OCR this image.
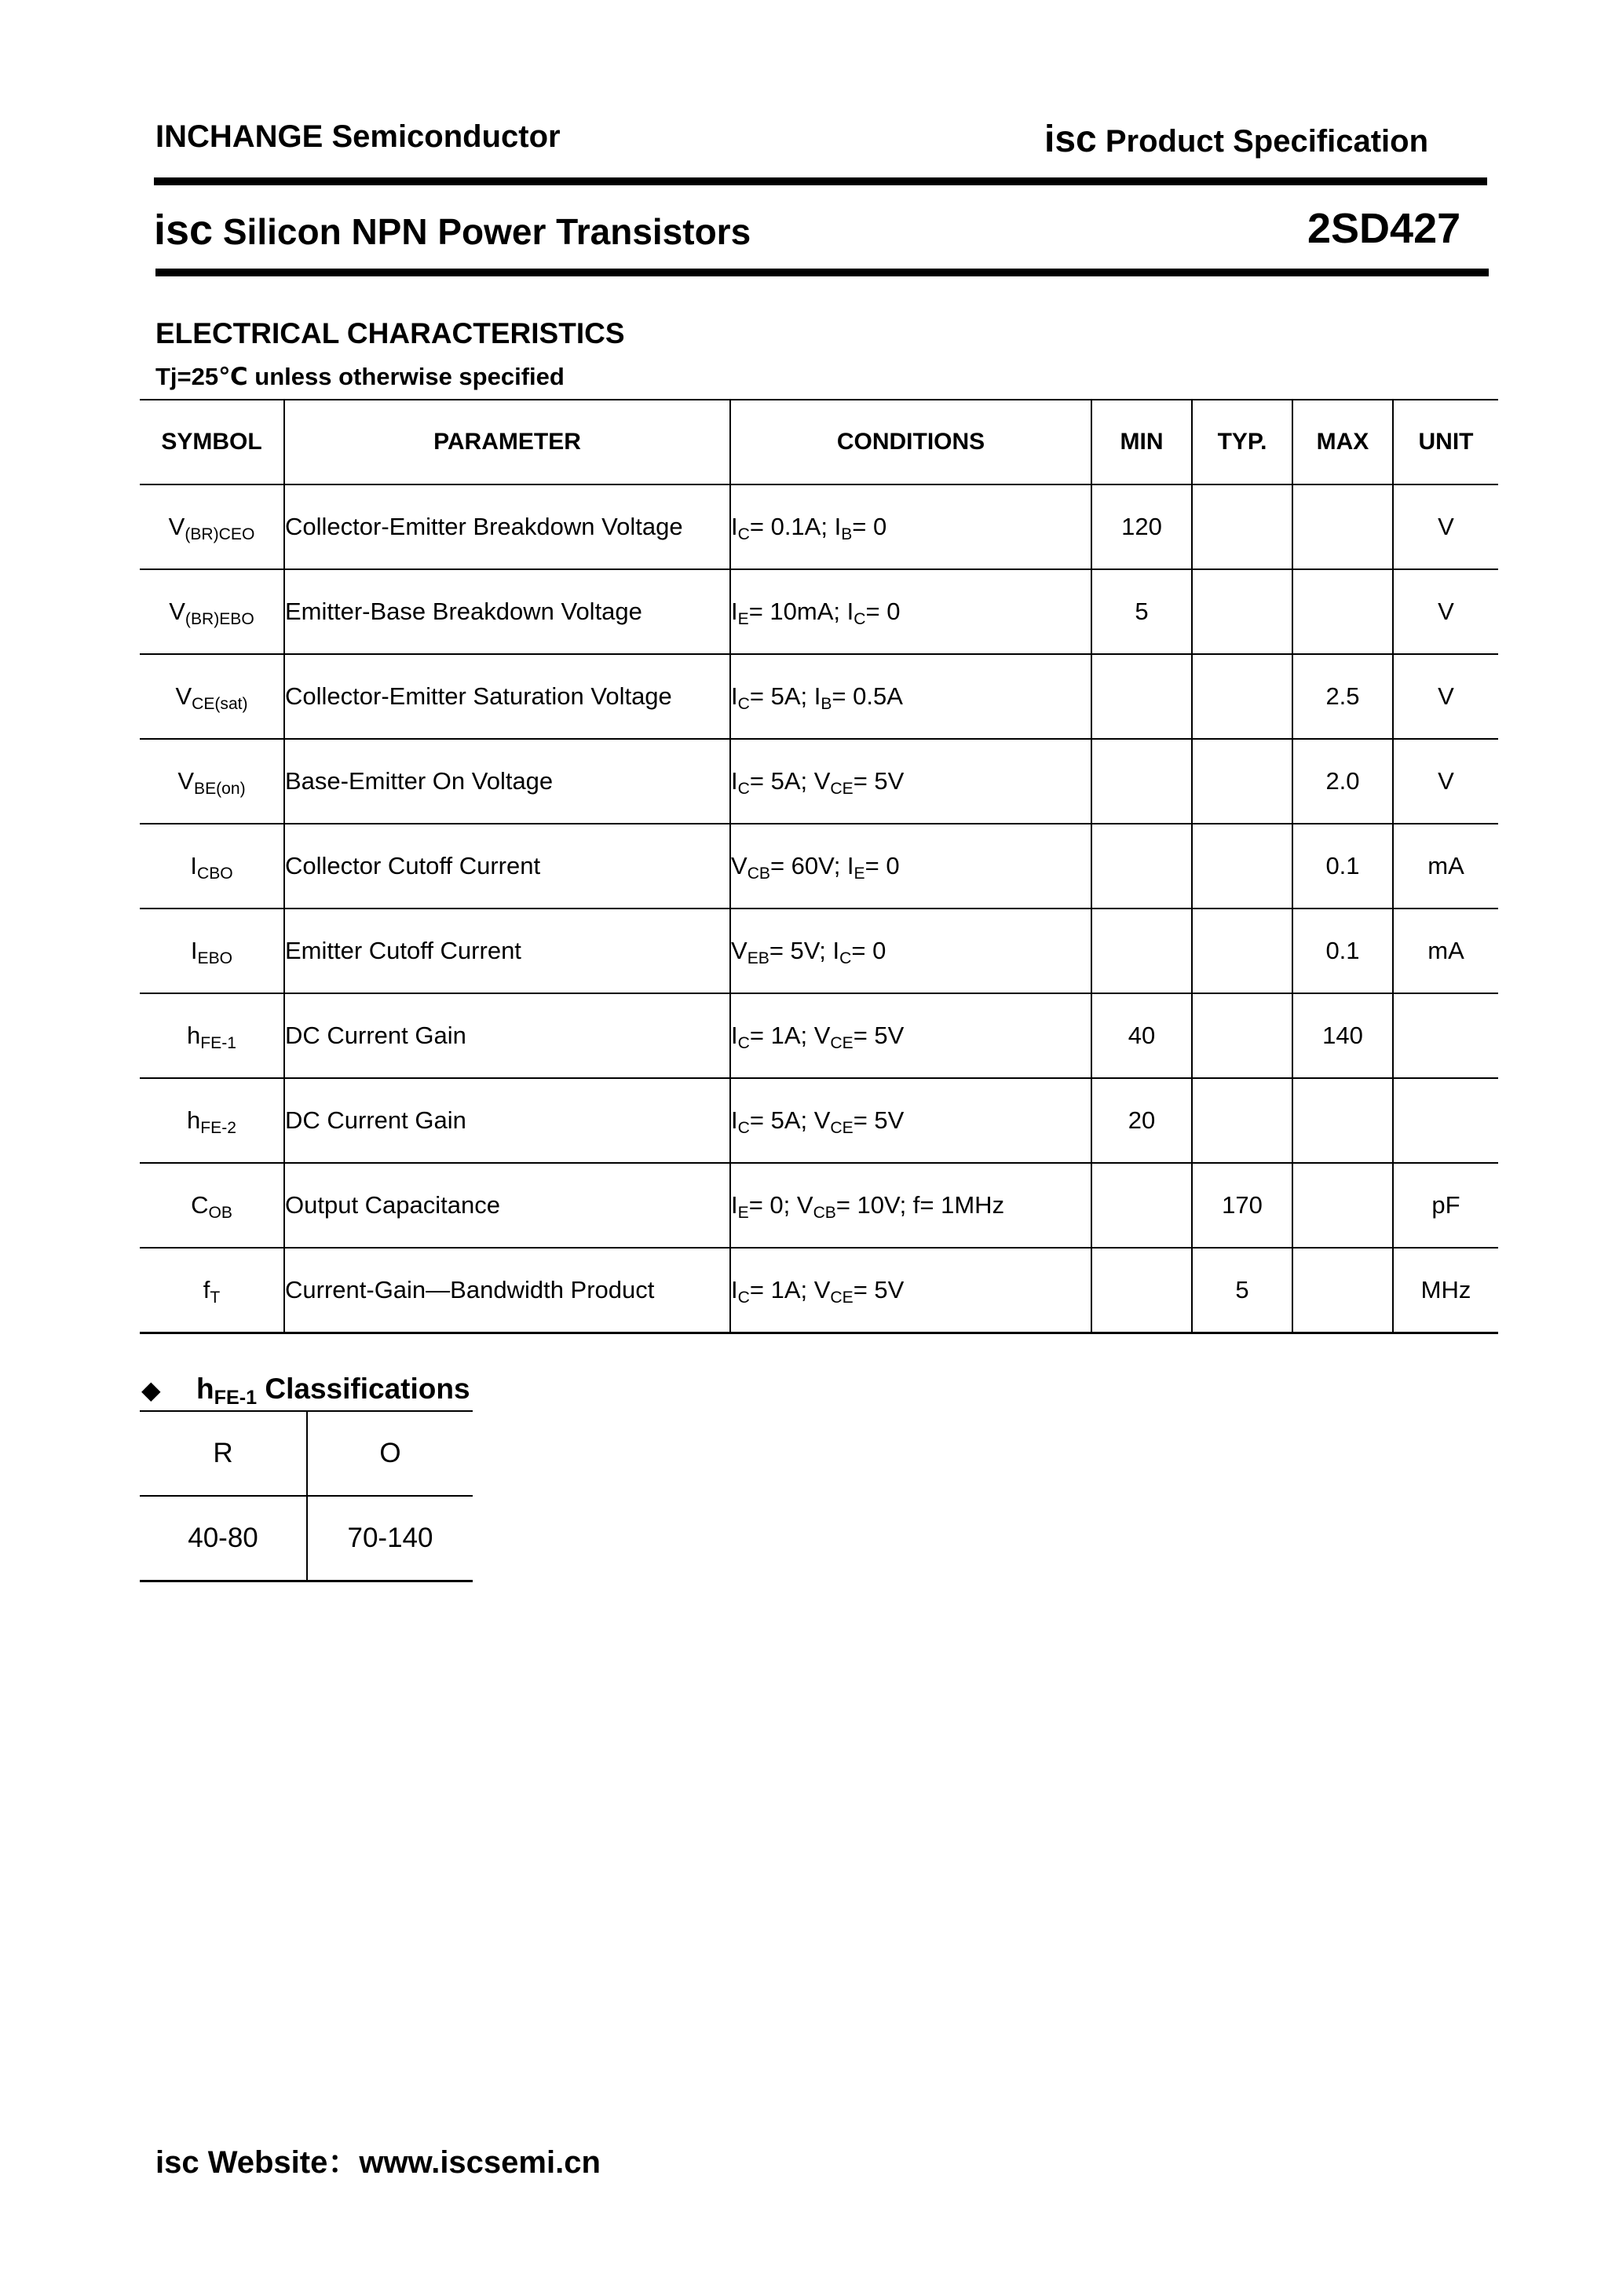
INCHANGE Semiconductor	isc Product Specification
isc Silicon NPN Power Transistors	2SD427
ELECTRICAL CHARACTERISTICS
Tj=25℃ unless otherwise specified
SYMBOL	PARAMETER	CONDITIONS	MIN	TYP.	MAX	UNIT
$V_{(BR)CEO}$	Collector-Emitter Breakdown Voltage	$I_C= 0.1A$; $I_B= 0$	120			V
$V_{(BR)EBO}$	Emitter-Base Breakdown Voltage	$I_E= 10mA$; $I_C= 0$	5			V
$V_{CE(sat)}$	Collector-Emitter Saturation Voltage	$I_C= 5A$; $I_B= 0.5A$			2.5	V
$V_{BE(on)}$	Base-Emitter On Voltage	$I_C= 5A$; $V_{CE}= 5V$			2.0	V
$I_{CBO}$	Collector Cutoff Current	$V_{CB}= 60V$; $I_E= 0$			0.1	mA
$I_{EBO}$	Emitter Cutoff Current	$V_{EB}= 5V$; $I_C= 0$			0.1	mA
$h_{FE-1}$	DC Current Gain	$I_C= 1A$; $V_{CE}= 5V$	40		140	
$h_{FE-2}$	DC Current Gain	$I_C= 5A$; $V_{CE}= 5V$	20			
$C_{OB}$	Output Capacitance	$I_E= 0$; $V_{CB}= 10V$; f= 1MHz		170		pF
$f_T$	Current-Gain—Bandwidth Product	$I_C= 1A$; $V_{CE}= 5V$		5		MHz
◆ $h_{FE-1}$ Classifications
R	O
40-80	70-140
isc Website：www.iscsemi.cn
